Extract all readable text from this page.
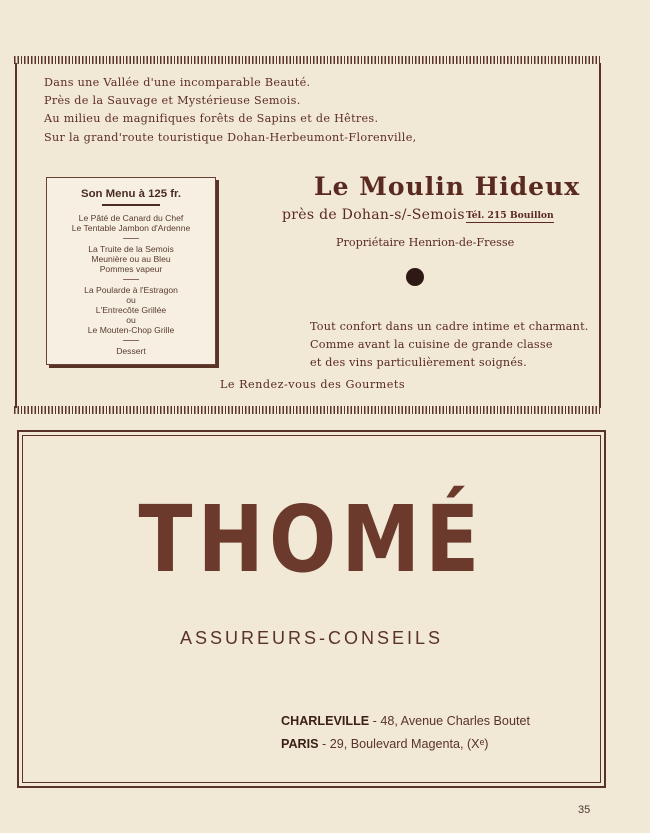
Dans une Vallée d'une incomparable Beauté.
Près de la Sauvage et Mystérieuse Semois.
Au milieu de magnifiques forêts de Sapins et de Hêtres.
Sur la grand'route touristique Dohan-Herbeumont-Florenville,
Son Menu à 125 fr.
Le Pâté de Canard du Chef
Le Tentable Jambon d'Ardenne
La Truite de la Semois
Meunière ou au Bleu
Pommes vapeur
La Poularde à l'Estragon
ou
L'Entrecôte Grillée
ou
Le Mouten-Chop Grille
Dessert
Le Moulin Hideux
près de Dohan-s/-Semois Tél. 215 Bouillon
Propriétaire Henrion-de-Fresse
Tout confort dans un cadre intime et charmant.
Comme avant la cuisine de grande classe
et des vins particulièrement soignés.
Le Rendez-vous des Gourmets
THOMÉ
ASSUREURS-CONSEILS
CHARLEVILLE - 48, Avenue Charles Boutet
PARIS - 29, Boulevard Magenta, (Xᵉ)
35
